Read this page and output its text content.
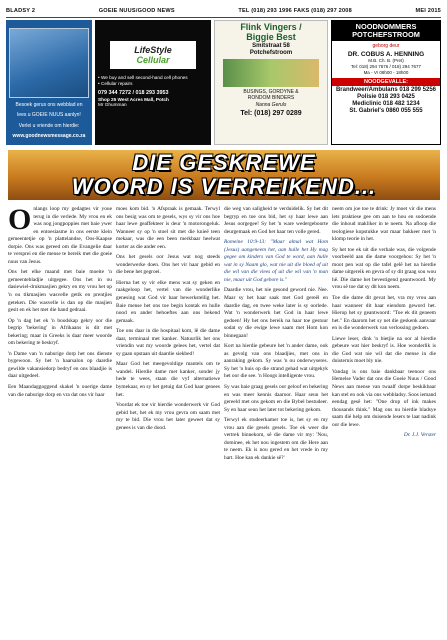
BLADSY 2	GOEIE NUUS/GOOD NEWS	TEL (018) 293 1996 FAKS (018) 297 2008	MEI 2015

Besoek gerus ons webblad en

lees u GOEIE NUUS aanlyn!

Verlei u vriende om hierdie:

www.goodnewsmessage.co.za

LifeStyle
Cellular
• We buy and sell second-hand cell phones
• Cellular repairs
079 344 7272 / 018 293 3953
Shop 25 West Acres Mall, Potch
Mr Ghumman
Flink Vingers /
Biggie Best
Smitstraat 58
Potchefstroom
BUSINGS, GORDYNE &
RONDOM BINDERS
Nanna Geruls
Tel: (018) 297 0289
NOODNOMMERS POTCHEFSTROOM
geborg deur
DR. COBUS A. HENNING
M.B. Ch. B. (Pret)
Tel: 018) 294 7676 / 018) 294 7677
Ma - Vr 08h00 - 18h00
NOODGEVALLE:
Brandweer/Ambulans 018 299 5256
Polisie 018 293 0425
Mediclinic 018 482 1234
St. Gabriel's 0860 055 555
DIE GESKREWE
WOORD IS VERREIKEND...
O nlangs loop my gedagtes vir youe terug in die verlede. My vrou en ek was nog jongpoppies met baie ywer en entoesiasme in ons eerste klein gemeentetjie op 'n plattelandse, Oos-Kaapse dorpie. Ons was gereed om die Evangelie daar te versprei en die mense te bereik met die goeie nuus van Jesus.

Ons het elke maand met baie moeite 'n gemeentebladjie uitgegee. Ons het in ou dasiewiel-drukmasjien gekry en my vrou het op 'n ou tikmasjien wasvelle getik en prentjies geteken. Die wasvelle is dan op die masjien gesit en ek het met die hand gedraai.

Op 'n dag het ek 'n boodskap gekry oor die begrip 'bekering' in Afrikaans is dit met bekering; maar in Greeks is daar meer woorde om bekering te beskryf.

'n Dame van 'n naburige dorp het ons dienste bygewoon. Sy het 'n haarsalon op daardie gewilde vakansiedorp bedryf en ons blaadjie is daar uitgedeel.

Een Maandaggoggend skakel 'n ouerige dame van die naburige dorp en vra dat ons vir haar

moes kom bid. 'n Afspraak is gemaak. Terwyl ons besig was om te gesels, wys sy vir ons hoe haar lewe geaffekteer is deur 'n motorongeluk. Wanneer sy op 'n stoel sit met die knieë teen mekaar, was die een been merkbaar heelwat korter as die ander een.

Ons het gesels oor Jesus wat nog steeds wonderwerke doen. Ons het vir haar gebid en die bene het gegroei.

Hierna het sy vir elke mens wat sy geken en raakgeloop het, vertel van die wonderlike genesing wat God vir haar bewerkstellig het. Baie mense het ons toe begin kontak en hulle nood en ander behoeftes aan ons bekend gemaak.

Toe ons daar in die hospitaal kom, lê die dame daar, terminaal met kanker. Natuurlik het ons vriendin wat my woorde gelees het, vertel dat sy gaan opstaan uit daardie siekbed!

Maar God het meegevoldige mantels om te wandel. Hierdie dame met kanker, sonder jy hede te wees, staan die vyf alternatiewe bymekaar, en sy het getuig dat God haar genees het.

Voordat ek toe vir hierdie wonderwerk vir God gebid het, het ek my vrou gevra om saam met my te bid. Die vrou het later geweet dat sy genees is van die dood.

die weg van saligheid te verduidelik. Sy het dit begryp en toe ons bid, het sy haar lewe aan Jesus oorgegee! Sy het 'n ware wedergeboorte deurgemaak en God het haar ten volle gered.

Romeine 10:9-13: "Maar almal wat Hom (Jesus) aangeneem het, aan hulle het Hy mag gegee om kinders van God te word, aan hulle wat in sy Naam glo, wat nie uit die bloed of uit die wil van die vlees of uit die wil van 'n man nie, maar uit God gebore is."

Daardie vrou, het nie gesond geword nie. Nee. Maar sy het haar saak met God gereël en daardie dag, en twee weke later is sy oorlede. Wat 'n wonderwerk het God in haar lewe gedoen! Hy het ons bereik na haar toe gestuur sodat sy die ewige lewe saam met Hom kon binnegaan!

Kort na hierdie gebeure het 'n ander dame, ook as gevolg van ons blaadjies, met ons in aanraking gekom. Sy was 'n ou onderwyseres. Sy het 'n huis op die strand gehad wat uitgekyk het oor die see. 'n Hoogs intelligente vrou.

Sy was baie graag gesels oor geloof en bekering en was meer kennis daaroor. Haar seun het gereeld met ons gekom en die Bybel bestudeer. Sy en haar seun het later tot bekering gekom.

Terwyl ek studeerkamer toe is, het sy en my vrou aan die gesels gesels. Toe ek weer die vertrek binnekom, sê die dame vir my: 'Nou, dominee, ek het nou ingestem om die Here aan te neem. Ek is nou gered en het vrede in my hart. Hoe kan ek dankie sê?'

neem om joe toe te drink: Jy moet vir die mens lets praktiese gee om aan te hou en sodoende die inhoud makliker in te neem. Na afloop die teologiese kopstukke wat maar bakkeer met 'n klomp teorie in het.

Sy het toe ek uit die verhale was, die volgende voorbeeld aan die dame voorgehou: Sy het 'n moot pen wat op die tafel gelê het na hierdie dame uitgereik en gevra of sy dit graag sou wou hê. Die dame het bevestigend geantwoord. My vrou sê toe dat sy dit kon neem.

Toe die dame dit gevat het, vra my vrou aan haar wanneer dit haar eiendom geword het. Hierop het sy geantwoord: "Toe ek dit geneem het." En daarom het sy net die geskenk aanvaar en is die wonderwerk van verlossing gedoen.

Liewe leser, dink 'n bietjie na oor al hierdie gebeure wat hier beskryf is. Hoe wonderlik is die God wat nie wil dat die mense in die duisternis moet bly nie.

Vandag is ons baie dankbaar teenoor ons Hemelse Vader dat ons die Goeie Nuus / Good News aan mense van twaalf dorpe beskikbaar kan stel en ook via ons webbladsy. Soos iemand eendag gesê het: "One drop of ink makes thousands think." Mag ons nu hierdie bladsye saam dié help om duisende lesers te laat nadink oor die lewe.

Dr. J.J. Verster
